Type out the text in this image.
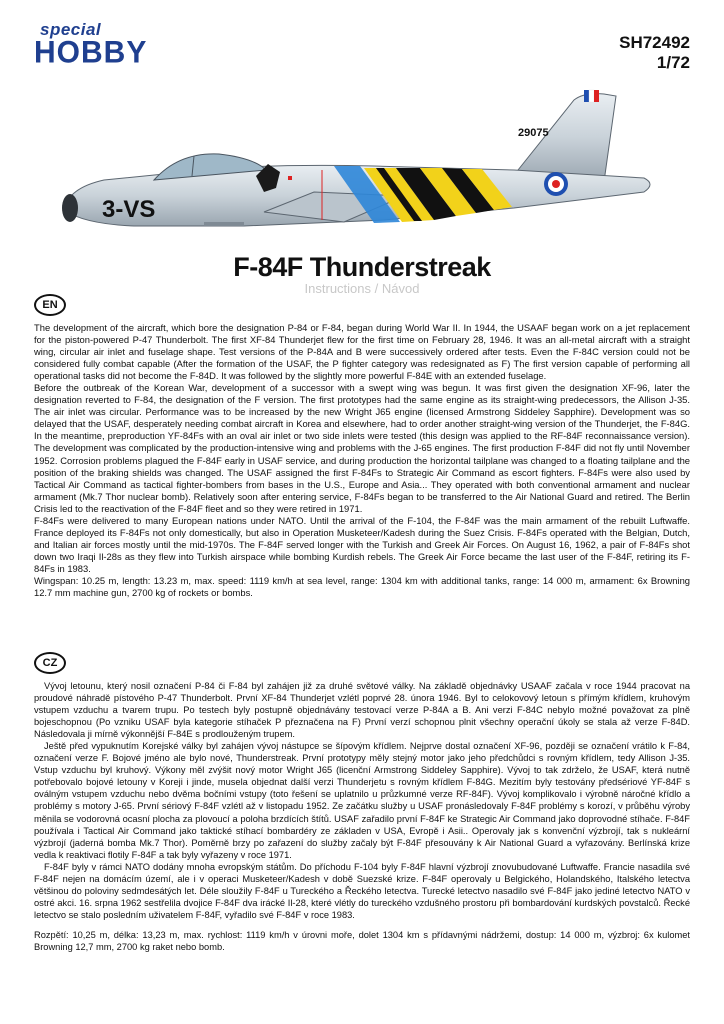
special
HOBBY	SH72492
1/72
29075
3-VS
F-84F Thunderstreak
Instructions / Návod
EN

The development of the aircraft, which bore the designation P-84 or F-84, began during World War II. In 1944, the USAAF began work on a jet replacement for the piston-powered P-47 Thunderbolt. The first XF-84 Thunderjet flew for the first time on February 28, 1946. It was an all-metal aircraft with a straight wing, circular air inlet and fuselage shape. Test versions of the P-84A and B were successively ordered after tests. Even the F-84C version could not be considered fully combat capable (After the formation of the USAF, the P fighter category was redesignated as F) The first version capable of performing all operational tasks did not become the F-84D. It was followed by the slightly more powerful F-84E with an extended fuselage.

Before the outbreak of the Korean War, development of a successor with a swept wing was begun. It was first given the designation XF-96, later the designation reverted to F-84, the designation of the F version. The first prototypes had the same engine as its straight-wing predecessors, the Allison J-35. The air inlet was circular. Performance was to be increased by the new Wright J65 engine (licensed Armstrong Siddeley Sapphire). Development was so delayed that the USAF, desperately needing combat aircraft in Korea and elsewhere, had to order another straight-wing version of the Thunderjet, the F-84G. In the meantime, preproduction YF-84Fs with an oval air inlet or two side inlets were tested (this design was applied to the RF-84F reconnaissance version). The development was complicated by the production-intensive wing and problems with the J-65 engines. The first production F-84F did not fly until November 1952. Corrosion problems plagued the F-84F early in USAF service, and during production the horizontal tailplane was changed to a floating tailplane and the position of the braking shields was changed. The USAF assigned the first F-84Fs to Strategic Air Command as escort fighters. F-84Fs were also used by Tactical Air Command as tactical fighter-bombers from bases in the U.S., Europe and Asia... They operated with both conventional armament and nuclear armament (Mk.7 Thor nuclear bomb). Relatively soon after entering service, F-84Fs began to be transferred to the Air National Guard and retired. The Berlin Crisis led to the reactivation of the F-84F fleet and so they were retired in 1971.

F-84Fs were delivered to many European nations under NATO. Until the arrival of the F-104, the F-84F was the main armament of the rebuilt Luftwaffe. France deployed its F-84Fs not only domestically, but also in Operation Musketeer/Kadesh during the Suez Crisis. F-84Fs operated with the Belgian, Dutch, and Italian air forces mostly until the mid-1970s. The F-84F served longer with the Turkish and Greek Air Forces. On August 16, 1962, a pair of F-84Fs shot down two Iraqi Il-28s as they flew into Turkish airspace while bombing Kurdish rebels. The Greek Air Force became the last user of the F-84F, retiring its F-84Fs in 1983.

Wingspan: 10.25 m, length: 13.23 m, max. speed: 1119 km/h at sea level, range: 1304 km with additional tanks, range: 14 000 m, armament: 6x Browning 12.7 mm machine gun, 2700 kg of rockets or bombs.

CZ

Vývoj letounu, který nosil označení P-84 či F-84 byl zahájen již za druhé světové války. Na základě objednávky USAAF začala v roce 1944 pracovat na proudové náhradě pístového P-47 Thunderbolt. První XF-84 Thunderjet vzlétl poprvé 28. února 1946. Byl to celokovový letoun s přímým křídlem, kruhovým vstupem vzduchu a tvarem trupu. Po testech byly postupně objednávány testovací verze P-84A a B. Ani verzi F-84C nebylo možné považovat za plně bojeschopnou (Po vzniku USAF byla kategorie stíhaček P přeznačena na F) První verzí schopnou plnit všechny operační úkoly se stala až verze F-84D. Následovala ji mírně výkonnější F-84E s prodlouženým trupem.

Ještě před vypuknutím Korejské války byl zahájen vývoj nástupce se šípovým křídlem. Nejprve dostal označení XF-96, později se označení vrátilo k F-84, označení verze F. Bojové jméno ale bylo nové, Thunderstreak. První prototypy měly stejný motor jako jeho předchůdci s rovným křídlem, tedy Allison J-35. Vstup vzduchu byl kruhový. Výkony měl zvýšit nový motor Wright J65 (licenční Armstrong Siddeley Sapphire). Vývoj to tak zdrželo, že USAF, která nutně potřebovalo bojové letouny v Koreji i jinde, musela objednat další verzi Thunderjetu s rovným křídlem F-84G. Mezitím byly testovány předsériové YF-84F s oválným vstupem vzduchu nebo dvěma bočními vstupy (toto řešení se uplatnilo u průzkumné verze RF-84F). Vývoj komplikovalo i výrobně náročné křídlo a problémy s motory J-65. První sériový F-84F vzlétl až v listopadu 1952. Ze začátku služby u USAF pronásledovaly F-84F problémy s korozí, v průběhu výroby měnila se vodorovná ocasní plocha za plovoucí a poloha brzdících štítů. USAF zařadilo první F-84F ke Strategic Air Command jako doprovodné stíhače. F-84F používala i Tactical Air Command jako taktické stíhací bombardéry ze základen v USA, Evropě i Asii.. Operovaly jak s konvenční výzbrojí, tak s nukleární výzbrojí (jaderná bomba Mk.7 Thor). Poměrně brzy po zařazení do služby začaly být F-84F přesouvány k Air National Guard a vyřazovány. Berlínská krize vedla k reaktivaci flotily F-84F a tak byly vyřazeny v roce 1971.

F-84F byly v rámci NATO dodány mnoha evropským státům. Do příchodu F-104 byly F-84F hlavní výzbrojí znovubudované Luftwaffe. Francie nasadila své F-84F nejen na domácím území, ale i v operaci Musketeer/Kadesh v době Suezské krize. F-84F operovaly u Belgického, Holandského, Italského letectva většinou do poloviny sedmdesátých let. Déle sloužily F-84F u Tureckého a Řeckého letectva. Turecké letectvo nasadilo své F-84F jako jediné letectvo NATO v ostré akci. 16. srpna 1962 sestřelila dvojice F-84F dva irácké Il-28, které vlétly do tureckého vzdušného prostoru při bombardování kurdských povstalců. Řecké letectvo se stalo posledním uživatelem F-84F, vyřadilo své F-84F v roce 1983.

Rozpětí: 10,25 m, délka: 13,23 m, max. rychlost: 1119 km/h v úrovni moře, dolet 1304 km s přídavnými nádržemi, dostup: 14 000 m, výzbroj: 6x kulomet Browning 12,7 mm, 2700 kg raket nebo bomb.
